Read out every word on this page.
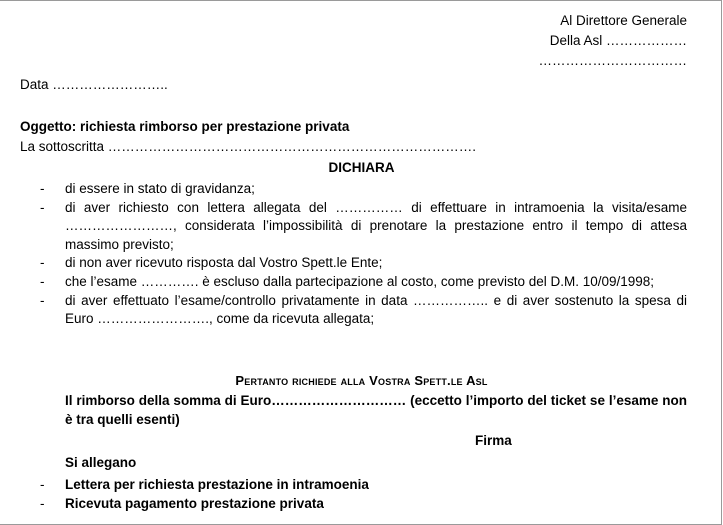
Al Direttore Generale
Della Asl ………………
……………………………
Data ……………………..
Oggetto: richiesta rimborso per prestazione privata
La sottoscritta ……………………………………………………………………….
DICHIARA
- di essere in stato di gravidanza;
- di aver richiesto con lettera allegata del …………… di effettuare in intramoenia la visita/esame ……………………, considerata l’impossibilità di prenotare la prestazione entro il tempo di attesa massimo previsto;
- di non aver ricevuto risposta dal Vostro Spett.le Ente;
- che l’esame …………. è escluso dalla partecipazione al costo, come previsto del D.M. 10/09/1998;
- di aver effettuato l’esame/controllo privatamente in data …………….. e di aver sostenuto la spesa di Euro ……………………., come da ricevuta allegata;
Pertanto richiede alla Vostra Spett.le Asl
Il rimborso della somma di Euro………………………… (eccetto l’importo del ticket se l’esame non è tra quelli esenti)
Firma
Si allegano
- Lettera per richiesta prestazione in intramoenia
- Ricevuta pagamento prestazione privata
